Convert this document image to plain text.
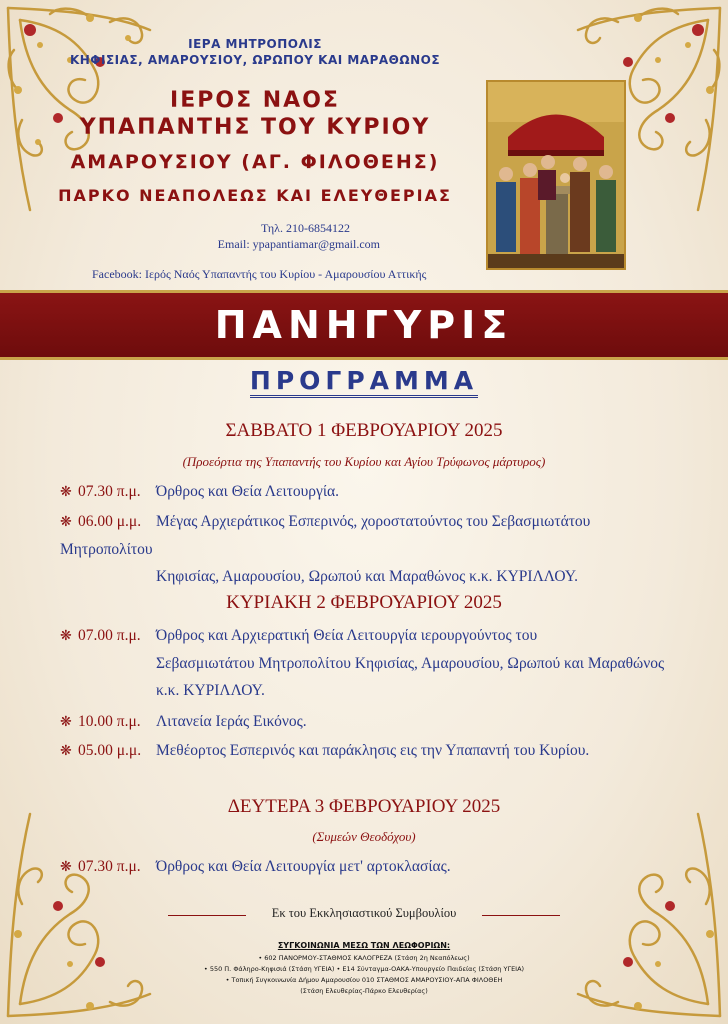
ΙΕΡΑ ΜΗΤΡΟΠΟΛΙΣ
ΚΗΦΙΣΙΑΣ, ΑΜΑΡΟΥΣΙΟΥ, ΩΡΩΠΟΥ ΚΑΙ ΜΑΡΑΘΩΝΟΣ
ΙΕΡΟΣ ΝΑΟΣ
ΥΠΑΠΑΝΤΗΣ ΤΟΥ ΚΥΡΙΟΥ
ΑΜΑΡΟΥΣΙΟΥ (ΑΓ. ΦΙΛΟΘΕΗΣ)
ΠΑΡΚΟ ΝΕΑΠΟΛΕΩΣ ΚΑΙ ΕΛΕΥΘΕΡΙΑΣ
Τηλ. 210-6854122
Email: ypapantiamar@gmail.com
Facebook: Ιερός Ναός Υπαπαντής του Κυρίου - Αμαρουσίου Αττικής
ΠΑΝΗΓΥΡΙΣ
ΠΡΟΓΡΑΜΜΑ
ΣΑΒΒΑΤΟ 1 ΦΕΒΡΟΥΑΡΙΟΥ 2025
(Προεόρτια της Υπαπαντής του Κυρίου και Αγίου Τρύφωνος μάρτυρος)
❋ 07.30 π.μ. Όρθρος και Θεία Λειτουργία.
❋ 06.00 μ.μ. Μέγας Αρχιεράτικος Εσπερινός, χοροστατούντος του Σεβασμιωτάτου Μητροπολίτου
Κηφισίας, Αμαρουσίου, Ωρωπού και Μαραθώνος κ.κ. ΚΥΡΙΛΛΟΥ.
ΚΥΡΙΑΚΗ 2 ΦΕΒΡΟΥΑΡΙΟΥ 2025
❋ 07.00 π.μ. Όρθρος και Αρχιερατική Θεία Λειτουργία ιερουργούντος του
Σεβασμιωτάτου Μητροπολίτου Κηφισίας, Αμαρουσίου, Ωρωπού και Μαραθώνος
κ.κ. ΚΥΡΙΛΛΟΥ.
❋ 10.00 π.μ. Λιτανεία Ιεράς Εικόνος.
❋ 05.00 μ.μ. Μεθέορτος Εσπερινός και παράκλησις εις την Υπαπαντή του Κυρίου.
ΔΕΥΤΕΡΑ 3 ΦΕΒΡΟΥΑΡΙΟΥ 2025
(Συμεών Θεοδόχου)
❋ 07.30 π.μ. Όρθρος και Θεία Λειτουργία μετ' αρτοκλασίας.
Εκ του Εκκλησιαστικού Συμβουλίου
ΣΥΓΚΟΙΝΩΝΙΑ ΜΕΣΩ ΤΩΝ ΛΕΩΦΟΡΙΩΝ:
• 602 ΠΑΝΟΡΜΟΥ-ΣΤΑΘΜΟΣ ΚΑΛΟΓΡΕΖΑ (Στάση 2η Νεαπόλεως)
• 550 Π. Φάληρο-Κηφισιά (Στάση ΥΓΕΙΑ) • Ε14 Σύνταγμα-ΟΑΚΑ-Υπουργείο Παιδείας (Στάση ΥΓΕΙΑ)
• Τοπική Συγκοινωνία Δήμου Αμαρουσίου 010 ΣΤΑΘΜΟΣ ΑΜΑΡΟΥΣΙΟΥ-ΑΠΑ ΦΙΛΟΘΕΗ
(Στάση Ελευθερίας-Πάρκο Ελευθερίας)
